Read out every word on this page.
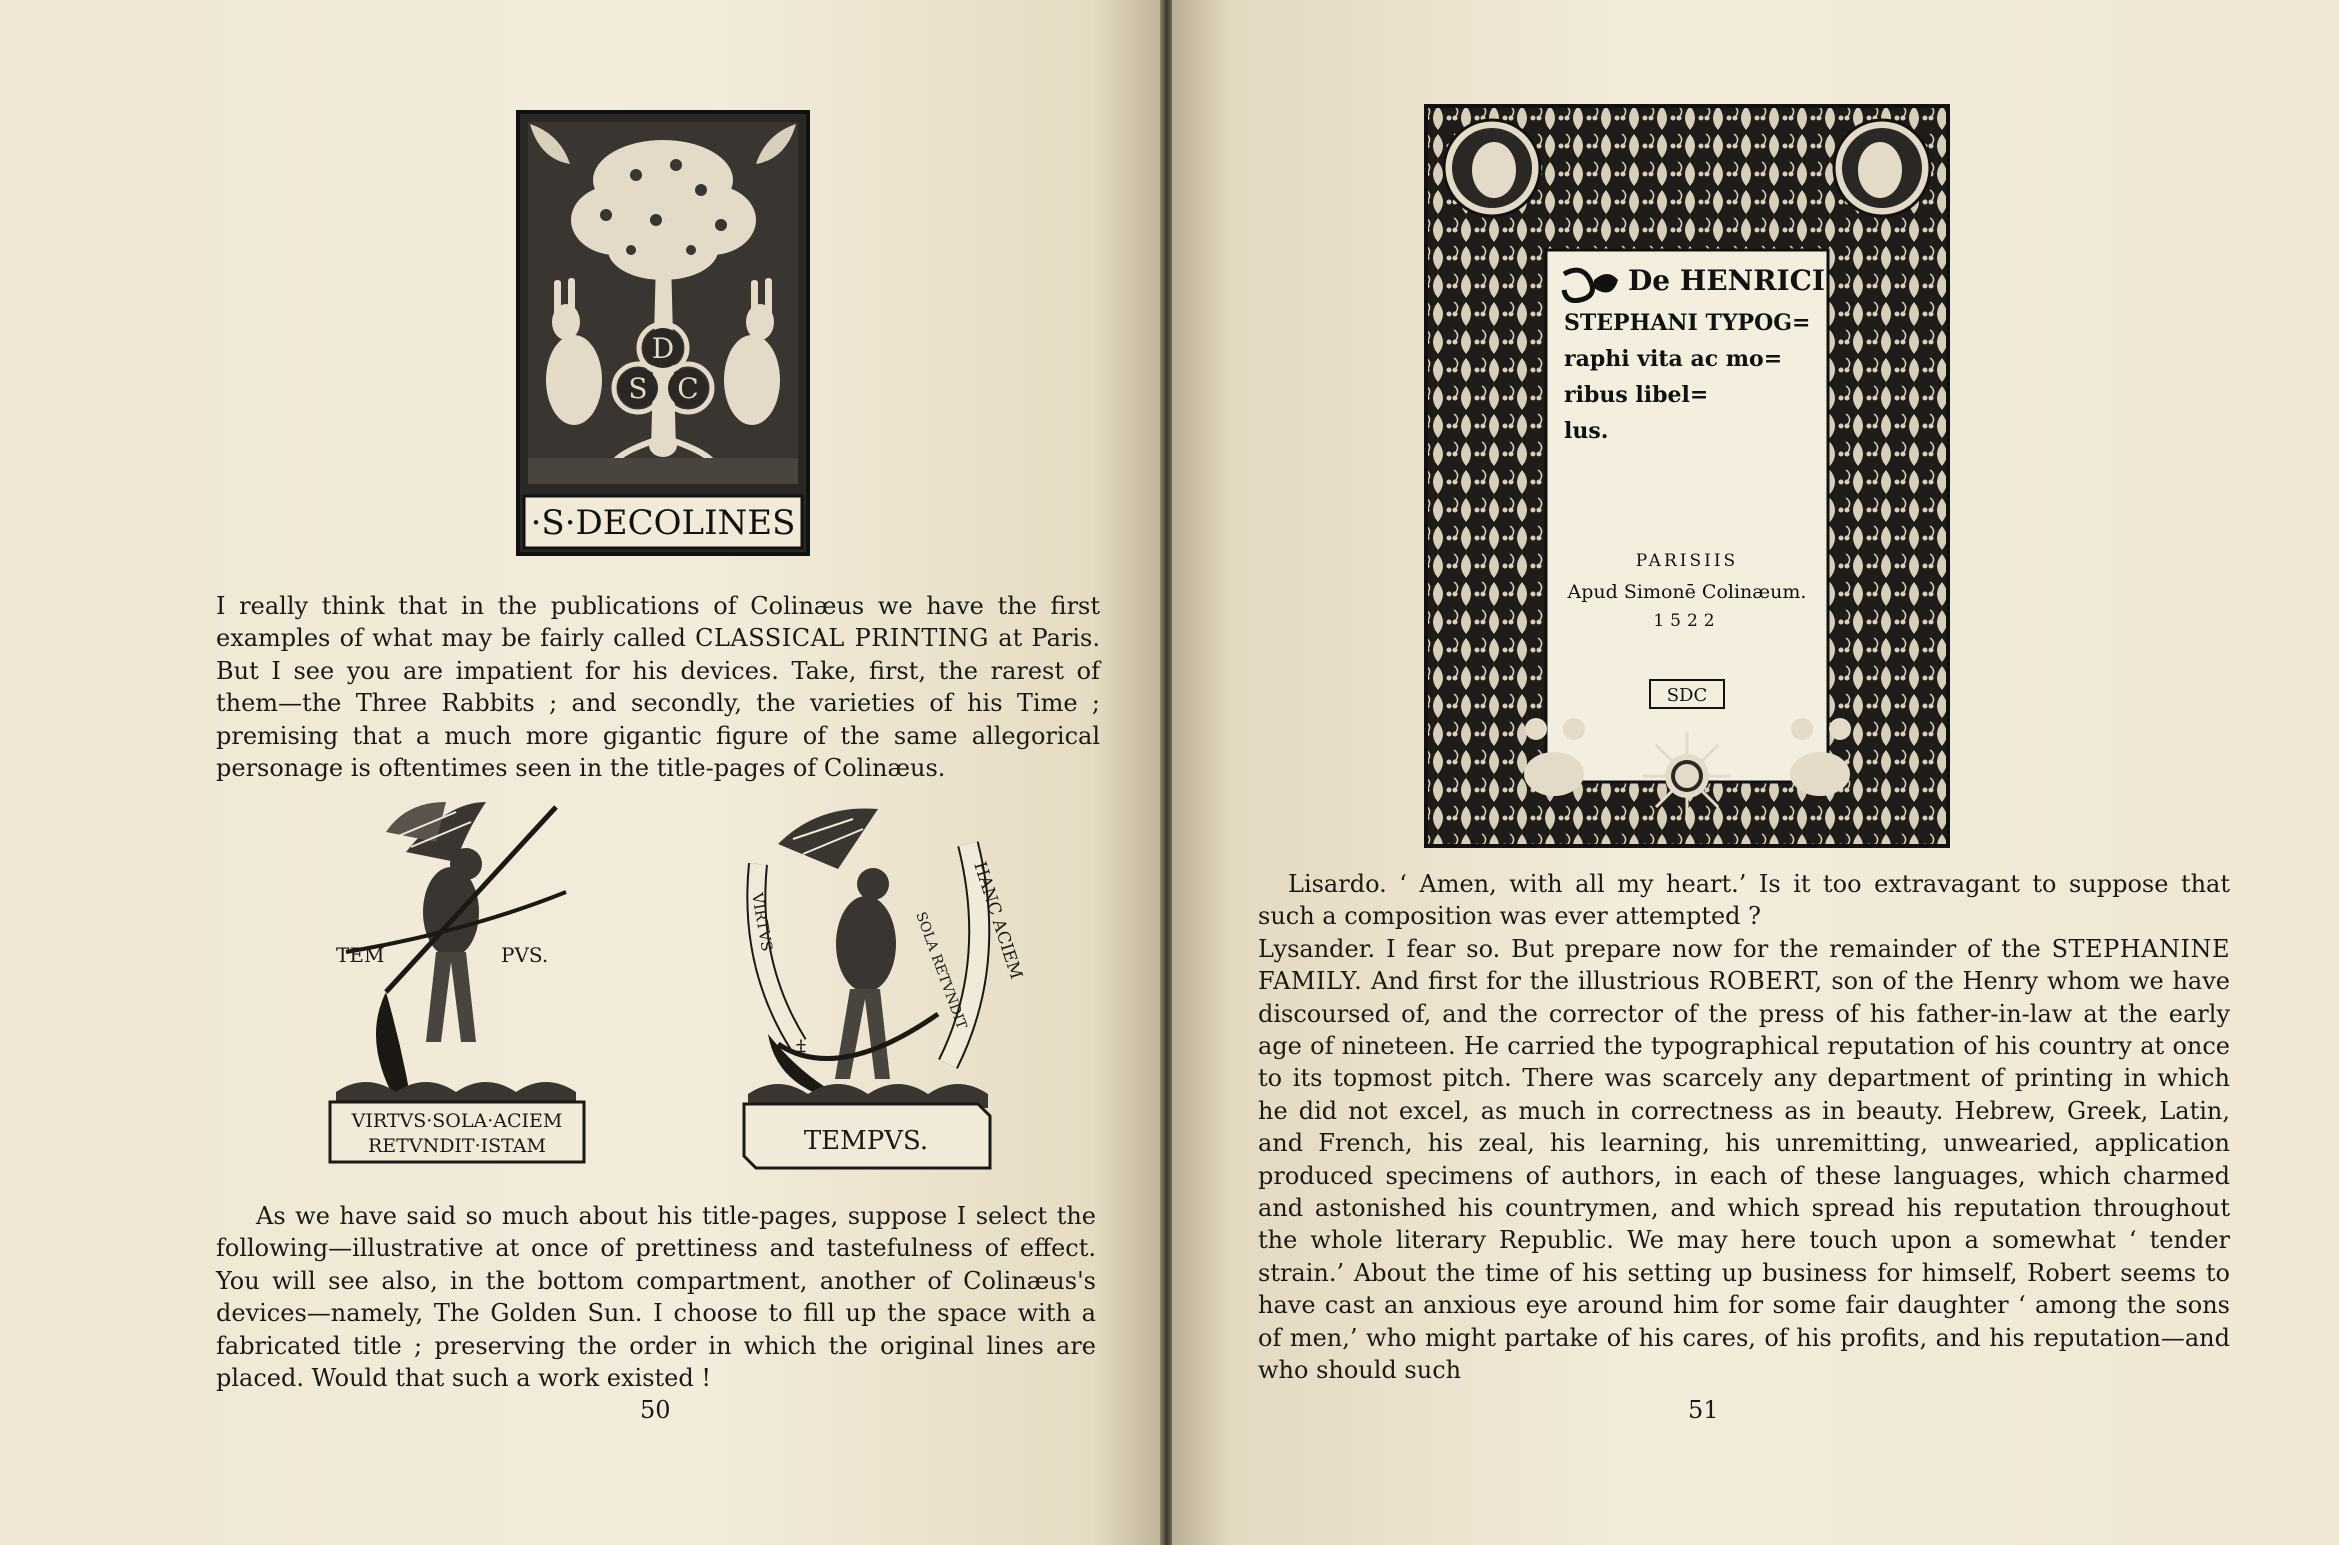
D
S C
·S·DECOLINES

I really think that in the publications of Colinæus we have the first examples of what may be fairly called CLASSICAL PRINTING at Paris. But I see you are impatient for his devices. Take, first, the rarest of them—the Three Rabbits ; and secondly, the varieties of his Time ; premising that a much more gigantic figure of the same allegorical personage is oftentimes seen in the title-pages of Colinæus.

TEM	PVS.
VIRTVS·SOLA·ACIEM
RETVNDIT·ISTAM
HANC ACIEM
SOLA RETVNDIT
VIRTVS
‡
TEMPVS.

As we have said so much about his title-pages, suppose I select the following—illustrative at once of prettiness and tastefulness of effect. You will see also, in the bottom compartment, another of Colinæus's devices—namely, The Golden Sun. I choose to fill up the space with a fabricated title ; preserving the order in which the original lines are placed. Would that such a work existed !

50
SDC
De HENRICI
STEPHANI TYPOG=
raphi vita ac mo=
ribus libel=
lus.
PARISIIS
Apud Simonē Colinæum.
1522

Lisardo. ‘ Amen, with all my heart.’ Is it too extravagant to suppose that such a composition was ever attempted ?

Lysander. I fear so. But prepare now for the remainder of the STEPHANINE FAMILY. And first for the illustrious ROBERT, son of the Henry whom we have discoursed of, and the corrector of the press of his father-in-law at the early age of nineteen. He carried the typographical reputation of his country at once to its topmost pitch. There was scarcely any department of printing in which he did not excel, as much in correctness as in beauty. Hebrew, Greek, Latin, and French, his zeal, his learning, his unremitting, unwearied, application produced specimens of authors, in each of these languages, which charmed and astonished his countrymen, and which spread his reputation throughout the whole literary Republic. We may here touch upon a somewhat ‘ tender strain.’ About the time of his setting up business for himself, Robert seems to have cast an anxious eye around him for some fair daughter ‘ among the sons of men,’ who might partake of his cares, of his profits, and his reputation—and who should such

51
